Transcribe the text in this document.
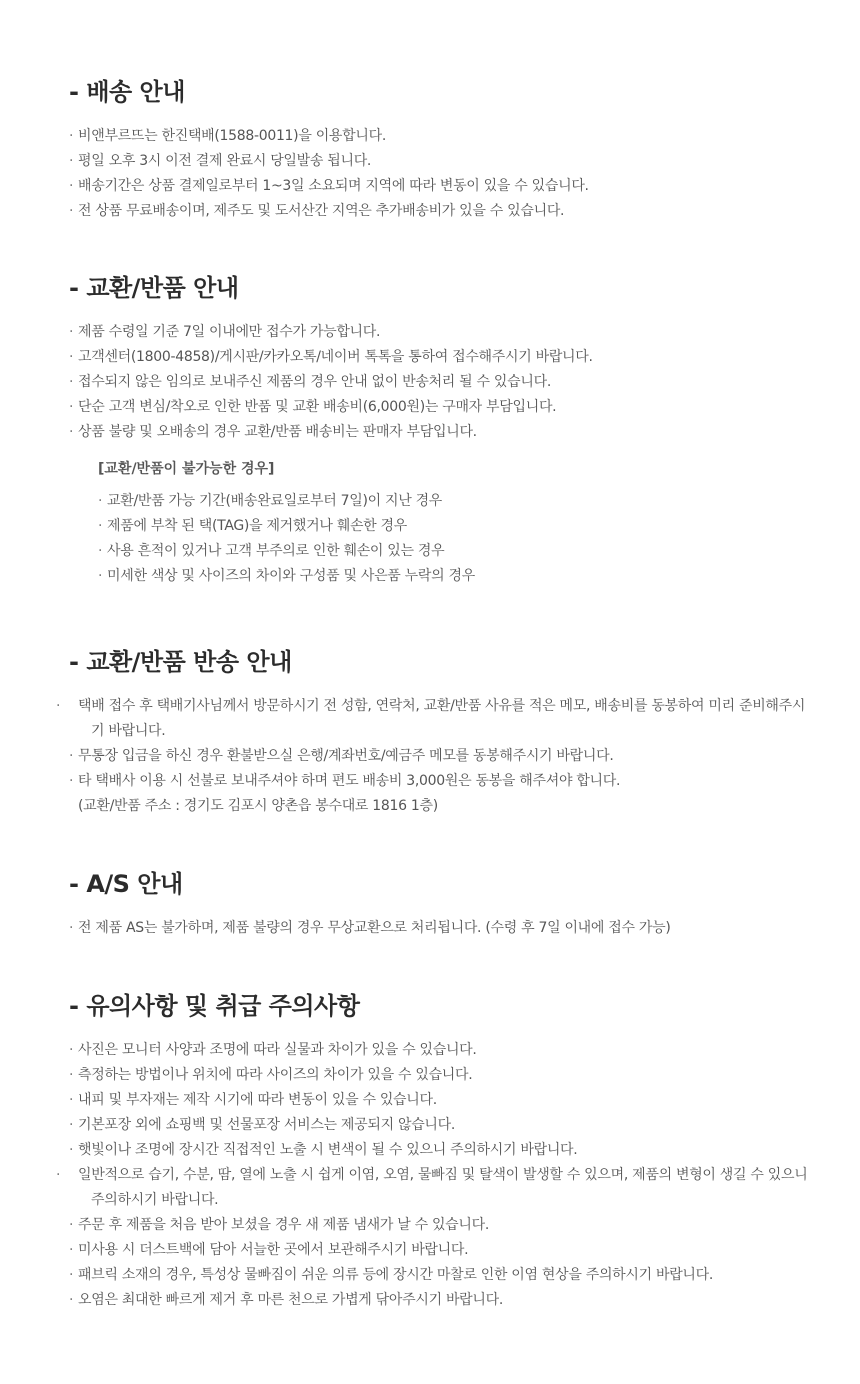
- 배송 안내
· 비앤부르뜨는 한진택배(1588-0011)을 이용합니다.
· 평일 오후 3시 이전 결제 완료시 당일발송 됩니다.
· 배송기간은 상품 결제일로부터 1~3일 소요되며 지역에 따라 변동이 있을 수 있습니다.
· 전 상품 무료배송이며, 제주도 및 도서산간 지역은 추가배송비가 있을 수 있습니다.
- 교환/반품 안내
· 제품 수령일 기준 7일 이내에만 접수가 가능합니다.
· 고객센터(1800-4858)/게시판/카카오톡/네이버 톡톡을 통하여 접수해주시기 바랍니다.
· 접수되지 않은 임의로 보내주신 제품의 경우 안내 없이 반송처리 될 수 있습니다.
· 단순 고객 변심/착오로 인한 반품 및 교환 배송비(6,000원)는 구매자 부담입니다.
· 상품 불량 및 오배송의 경우 교환/반품 배송비는 판매자 부담입니다.
[교환/반품이 불가능한 경우]
· 교환/반품 가능 기간(배송완료일로부터 7일)이 지난 경우
· 제품에 부착 된 택(TAG)을 제거했거나 훼손한 경우
· 사용 흔적이 있거나 고객 부주의로 인한 훼손이 있는 경우
· 미세한 색상 및 사이즈의 차이와 구성품 및 사은품 누락의 경우
- 교환/반품 반송 안내
· 택배 접수 후 택배기사님께서 방문하시기 전 성함, 연락처, 교환/반품 사유를 적은 메모, 배송비를 동봉하여 미리 준비해주시기 바랍니다.
· 무통장 입금을 하신 경우 환불받으실 은행/계좌번호/예금주 메모를 동봉해주시기 바랍니다.
· 타 택배사 이용 시 선불로 보내주셔야 하며 편도 배송비 3,000원은 동봉을 해주셔야 합니다.
(교환/반품 주소 : 경기도 김포시 양촌읍 봉수대로 1816 1층)
- A/S 안내
· 전 제품 AS는 불가하며, 제품 불량의 경우 무상교환으로 처리됩니다. (수령 후 7일 이내에 접수 가능)
- 유의사항 및 취급 주의사항
· 사진은 모니터 사양과 조명에 따라 실물과 차이가 있을 수 있습니다.
· 측정하는 방법이나 위치에 따라 사이즈의 차이가 있을 수 있습니다.
· 내피 및 부자재는 제작 시기에 따라 변동이 있을 수 있습니다.
· 기본포장 외에 쇼핑백 및 선물포장 서비스는 제공되지 않습니다.
· 햇빛이나 조명에 장시간 직접적인 노출 시 변색이 될 수 있으니 주의하시기 바랍니다.
· 일반적으로 습기, 수분, 땀, 열에 노출 시 쉽게 이염, 오염, 물빠짐 및 탈색이 발생할 수 있으며, 제품의 변형이 생길 수 있으니 주의하시기 바랍니다.
· 주문 후 제품을 처음 받아 보셨을 경우 새 제품 냄새가 날 수 있습니다.
· 미사용 시 더스트백에 담아 서늘한 곳에서 보관해주시기 바랍니다.
· 패브릭 소재의 경우, 특성상 물빠짐이 쉬운 의류 등에 장시간 마찰로 인한 이염 현상을 주의하시기 바랍니다.
· 오염은 최대한 빠르게 제거 후 마른 천으로 가볍게 닦아주시기 바랍니다.
